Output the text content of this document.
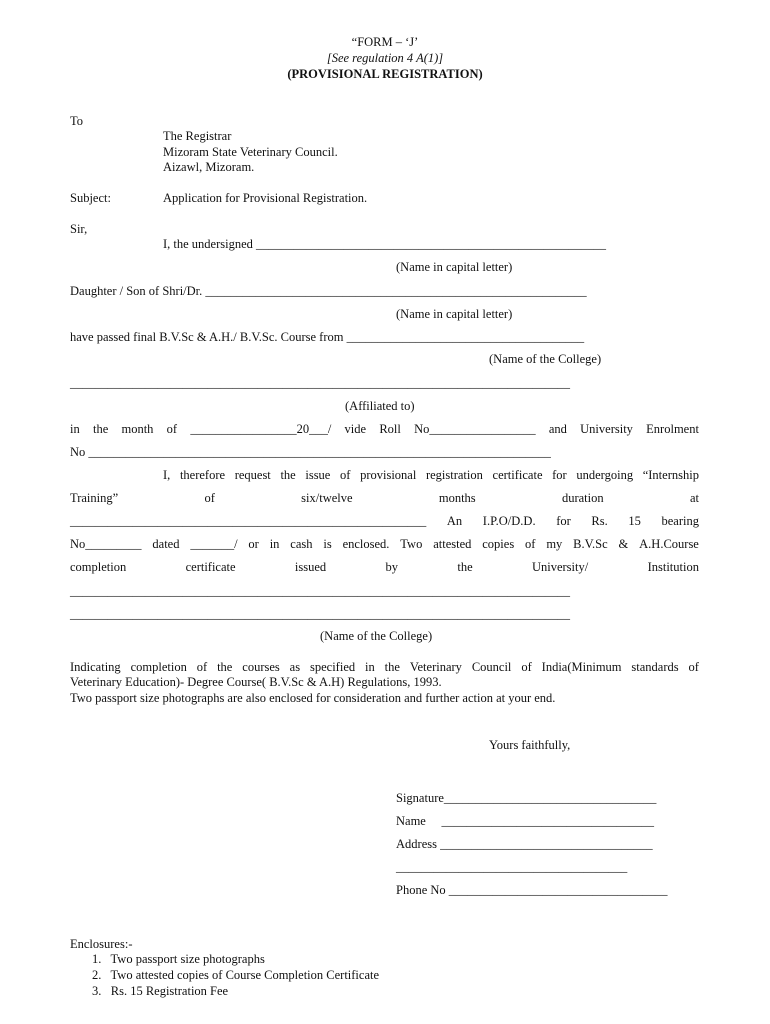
“FORM – ‘J’
[See regulation 4 A(1)]
(PROVISIONAL REGISTRATION)
To
The Registrar
Mizoram State Veterinary Council.
Aizawl, Mizoram.
Subject:	Application for Provisional Registration.
Sir,
I, the undersigned ________________________________________________________
(Name in capital letter)
Daughter / Son of Shri/Dr. _____________________________________________________________
(Name in capital letter)
have passed final B.V.Sc & A.H./ B.V.Sc. Course from ______________________________________
(Name of the College)
________________________________________________________________________________
(Affiliated to)
in the month of _________________20___/ vide Roll No_________________ and University Enrolment
No __________________________________________________________________________
I, therefore request the issue of provisional registration certificate for undergoing “Internship
Training”	of	six/twelve	months	duration	at
_________________________________________________________ An I.P.O/D.D. for Rs. 15 bearing
No_________ dated _______/ or in cash is enclosed. Two attested copies of my B.V.Sc & A.H.Course
completion	certificate	issued	by	the	University/	Institution
________________________________________________________________________________
________________________________________________________________________________
(Name of the College)
Indicating completion of the courses as specified in the Veterinary Council of India(Minimum standards of
Veterinary Education)- Degree Course( B.V.Sc & A.H) Regulations, 1993.
Two passport size photographs are also enclosed for consideration and further action at your end.
Yours faithfully,
Signature__________________________________
Name     __________________________________
Address __________________________________
_____________________________________
Phone No ___________________________________
Enclosures:-
1.   Two passport size photographs
2.   Two attested copies of Course Completion Certificate
3.   Rs. 15 Registration Fee
